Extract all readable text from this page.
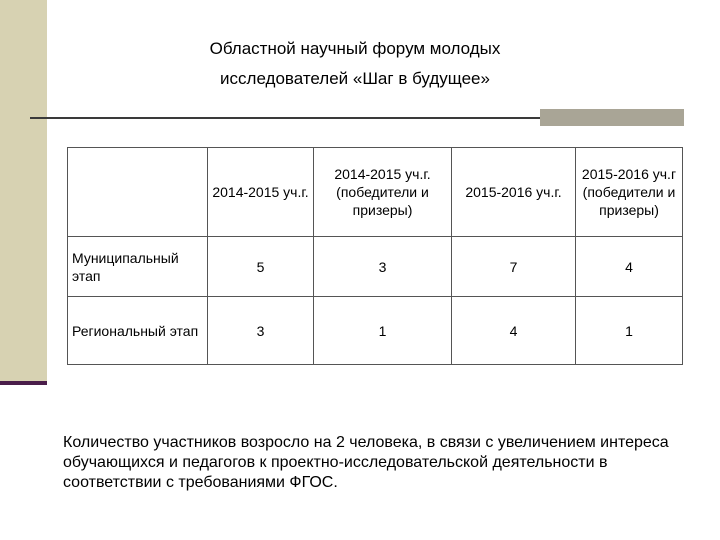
Областной научный форум молодых
исследователей «Шаг в будущее»
	2014-2015 уч.г.	2014-2015 уч.г. (победители и призеры)	2015-2016 уч.г.	2015-2016 уч.г (победители и призеры)
Муниципальный этап	5	3	7	4
Региональный этап	3	1	4	1
Количество участников возросло на 2 человека, в связи с увеличением интереса обучающихся и педагогов к проектно-исследовательской деятельности в соответствии с требованиями ФГОС.
